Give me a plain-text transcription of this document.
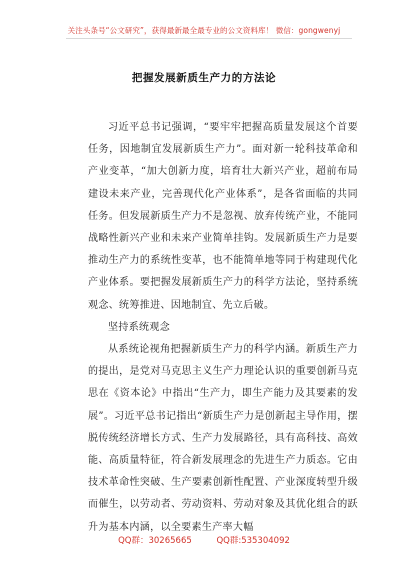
关注头条号“公文研究”，获得最新最全最专业的公文资料库！ 微信：gongwenyj
把握发展新质生产力的方法论

习近平总书记强调，“要牢牢把握高质量发展这个首要任务，因地制宜发展新质生产力”。面对新一轮科技革命和产业变革，“加大创新力度，培育壮大新兴产业，超前布局建设未来产业，完善现代化产业体系”，是各省面临的共同任务。但发展新质生产力不是忽视、放弃传统产业，不能同战略性新兴产业和未来产业简单挂钩。发展新质生产力是要推动生产力的系统性变革，也不能简单地等同于构建现代化产业体系。要把握发展新质生产力的科学方法论，坚持系统观念、统筹推进、因地制宜、先立后破。

坚持系统观念

从系统论视角把握新质生产力的科学内涵。新质生产力的提出，是党对马克思主义生产力理论认识的重要创新马克思在《资本论》中指出“生产力，即生产能力及其要素的发展”。习近平总书记指出“新质生产力是创新起主导作用，摆脱传统经济增长方式、生产力发展路径，具有高科技、高效能、高质量特征，符合新发展理念的先进生产力质态。它由技术革命性突破、生产要素创新性配置、产业深度转型升级而催生，以劳动者、劳动资料、劳动对象及其优化组合的跃升为基本内涵，以全要素生产率大幅

QQ群：30265665	QQ群:535304092
